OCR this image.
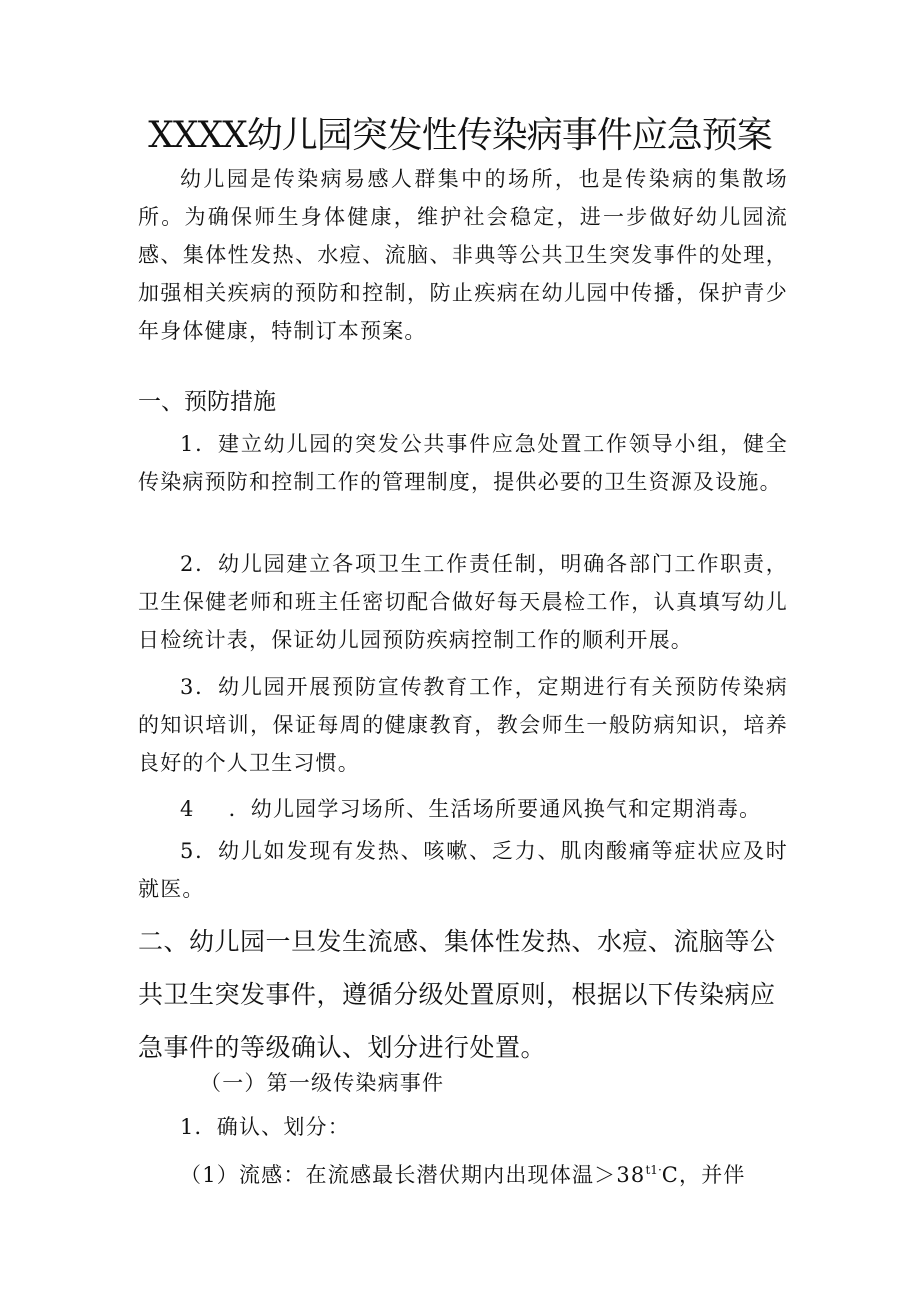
XXXX幼儿园突发性传染病事件应急预案

幼儿园是传染病易感人群集中的场所，也是传染病的集散场所。为确保师生身体健康，维护社会稳定，进一步做好幼儿园流感、集体性发热、水痘、流脑、非典等公共卫生突发事件的处理，加强相关疾病的预防和控制，防止疾病在幼儿园中传播，保护青少年身体健康，特制订本预案。

一、预防措施

1．建立幼儿园的突发公共事件应急处置工作领导小组，健全传染病预防和控制工作的管理制度，提供必要的卫生资源及设施。

2．幼儿园建立各项卫生工作责任制，明确各部门工作职责，卫生保健老师和班主任密切配合做好每天晨检工作，认真填写幼儿日检统计表，保证幼儿园预防疾病控制工作的顺利开展。

3．幼儿园开展预防宣传教育工作，定期进行有关预防传染病的知识培训，保证每周的健康教育，教会师生一般防病知识，培养良好的个人卫生习惯。

4 ．幼儿园学习场所、生活场所要通风换气和定期消毒。

5．幼儿如发现有发热、咳嗽、乏力、肌肉酸痛等症状应及时就医。

二、幼儿园一旦发生流感、集体性发热、水痘、流脑等公共卫生突发事件，遵循分级处置原则，根据以下传染病应急事件的等级确认、划分进行处置。

（一）第一级传染病事件
1．确认、划分：
（1）流感：在流感最长潜伏期内出现体温$>38^{t1\cdot}C$，并伴
